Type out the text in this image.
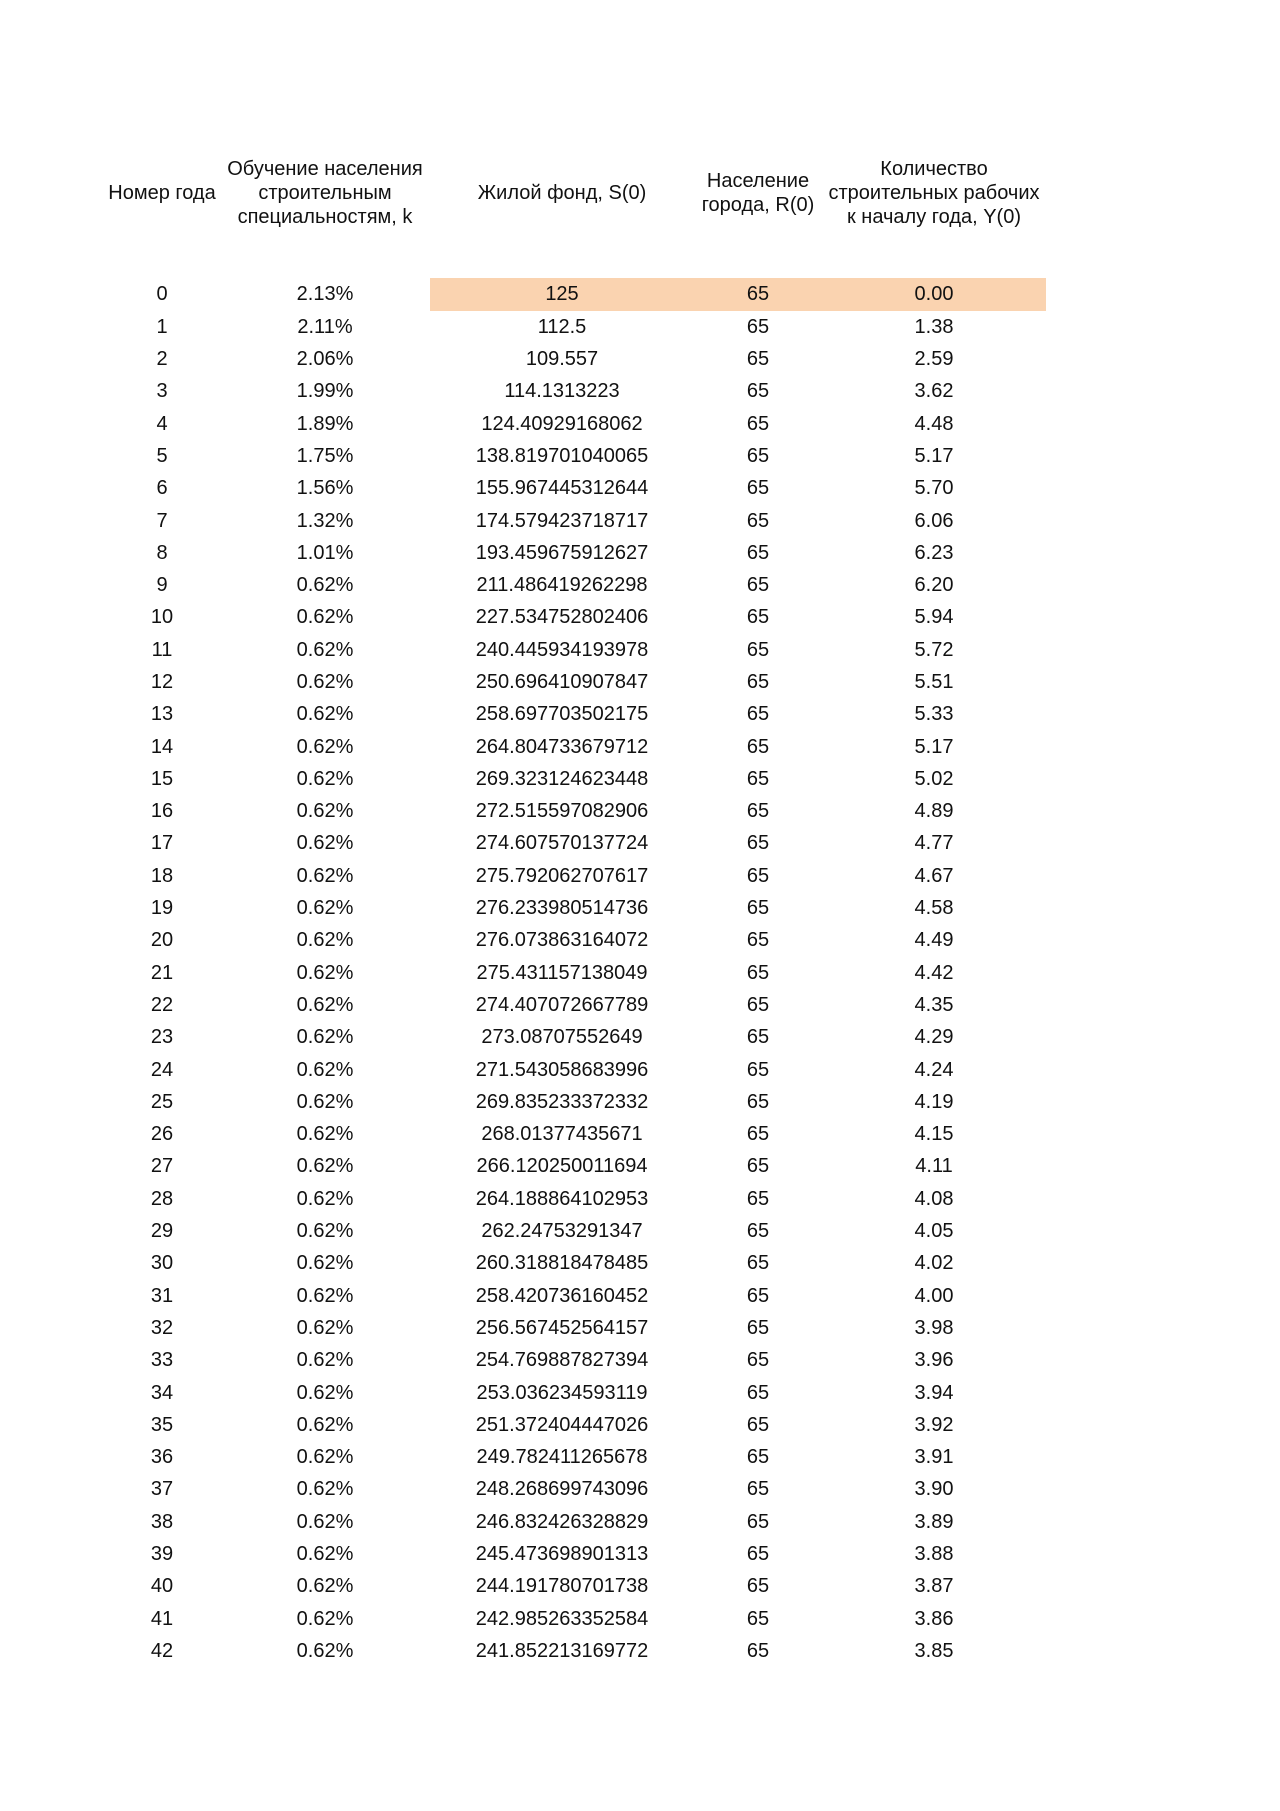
Номер года	Обучение населения строительным специальностям, k	Жилой фонд, S(0)	Население города, R(0)	Количество строительных рабочих к началу года, Y(0)

0	2.13%	125	65	0.00
1	2.11%	112.5	65	1.38
2	2.06%	109.557	65	2.59
3	1.99%	114.1313223	65	3.62
4	1.89%	124.40929168062	65	4.48
5	1.75%	138.819701040065	65	5.17
6	1.56%	155.967445312644	65	5.70
7	1.32%	174.579423718717	65	6.06
8	1.01%	193.459675912627	65	6.23
9	0.62%	211.486419262298	65	6.20
10	0.62%	227.534752802406	65	5.94
11	0.62%	240.445934193978	65	5.72
12	0.62%	250.696410907847	65	5.51
13	0.62%	258.697703502175	65	5.33
14	0.62%	264.804733679712	65	5.17
15	0.62%	269.323124623448	65	5.02
16	0.62%	272.515597082906	65	4.89
17	0.62%	274.607570137724	65	4.77
18	0.62%	275.792062707617	65	4.67
19	0.62%	276.233980514736	65	4.58
20	0.62%	276.073863164072	65	4.49
21	0.62%	275.431157138049	65	4.42
22	0.62%	274.407072667789	65	4.35
23	0.62%	273.08707552649	65	4.29
24	0.62%	271.543058683996	65	4.24
25	0.62%	269.835233372332	65	4.19
26	0.62%	268.01377435671	65	4.15
27	0.62%	266.120250011694	65	4.11
28	0.62%	264.188864102953	65	4.08
29	0.62%	262.24753291347	65	4.05
30	0.62%	260.318818478485	65	4.02
31	0.62%	258.420736160452	65	4.00
32	0.62%	256.567452564157	65	3.98
33	0.62%	254.769887827394	65	3.96
34	0.62%	253.036234593119	65	3.94
35	0.62%	251.372404447026	65	3.92
36	0.62%	249.782411265678	65	3.91
37	0.62%	248.268699743096	65	3.90
38	0.62%	246.832426328829	65	3.89
39	0.62%	245.473698901313	65	3.88
40	0.62%	244.191780701738	65	3.87
41	0.62%	242.985263352584	65	3.86
42	0.62%	241.852213169772	65	3.85
